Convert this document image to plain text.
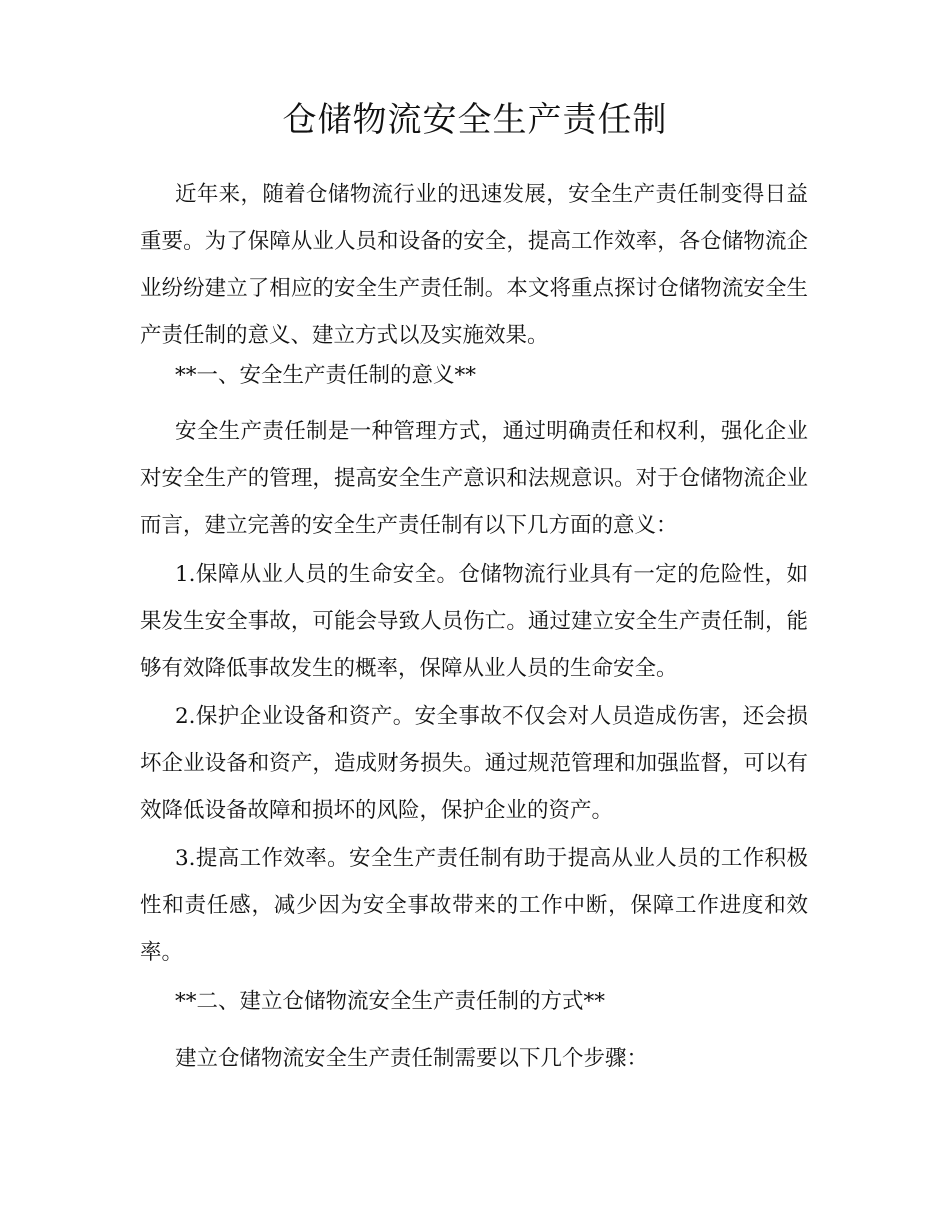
仓储物流安全生产责任制

近年来，随着仓储物流行业的迅速发展，安全生产责任制变得日益重要。为了保障从业人员和设备的安全，提高工作效率，各仓储物流企业纷纷建立了相应的安全生产责任制。本文将重点探讨仓储物流安全生产责任制的意义、建立方式以及实施效果。

**一、安全生产责任制的意义**

安全生产责任制是一种管理方式，通过明确责任和权利，强化企业对安全生产的管理，提高安全生产意识和法规意识。对于仓储物流企业而言，建立完善的安全生产责任制有以下几方面的意义：

1.保障从业人员的生命安全。仓储物流行业具有一定的危险性，如果发生安全事故，可能会导致人员伤亡。通过建立安全生产责任制，能够有效降低事故发生的概率，保障从业人员的生命安全。

2.保护企业设备和资产。安全事故不仅会对人员造成伤害，还会损坏企业设备和资产，造成财务损失。通过规范管理和加强监督，可以有效降低设备故障和损坏的风险，保护企业的资产。

3.提高工作效率。安全生产责任制有助于提高从业人员的工作积极性和责任感，减少因为安全事故带来的工作中断，保障工作进度和效率。

**二、建立仓储物流安全生产责任制的方式**

建立仓储物流安全生产责任制需要以下几个步骤：
